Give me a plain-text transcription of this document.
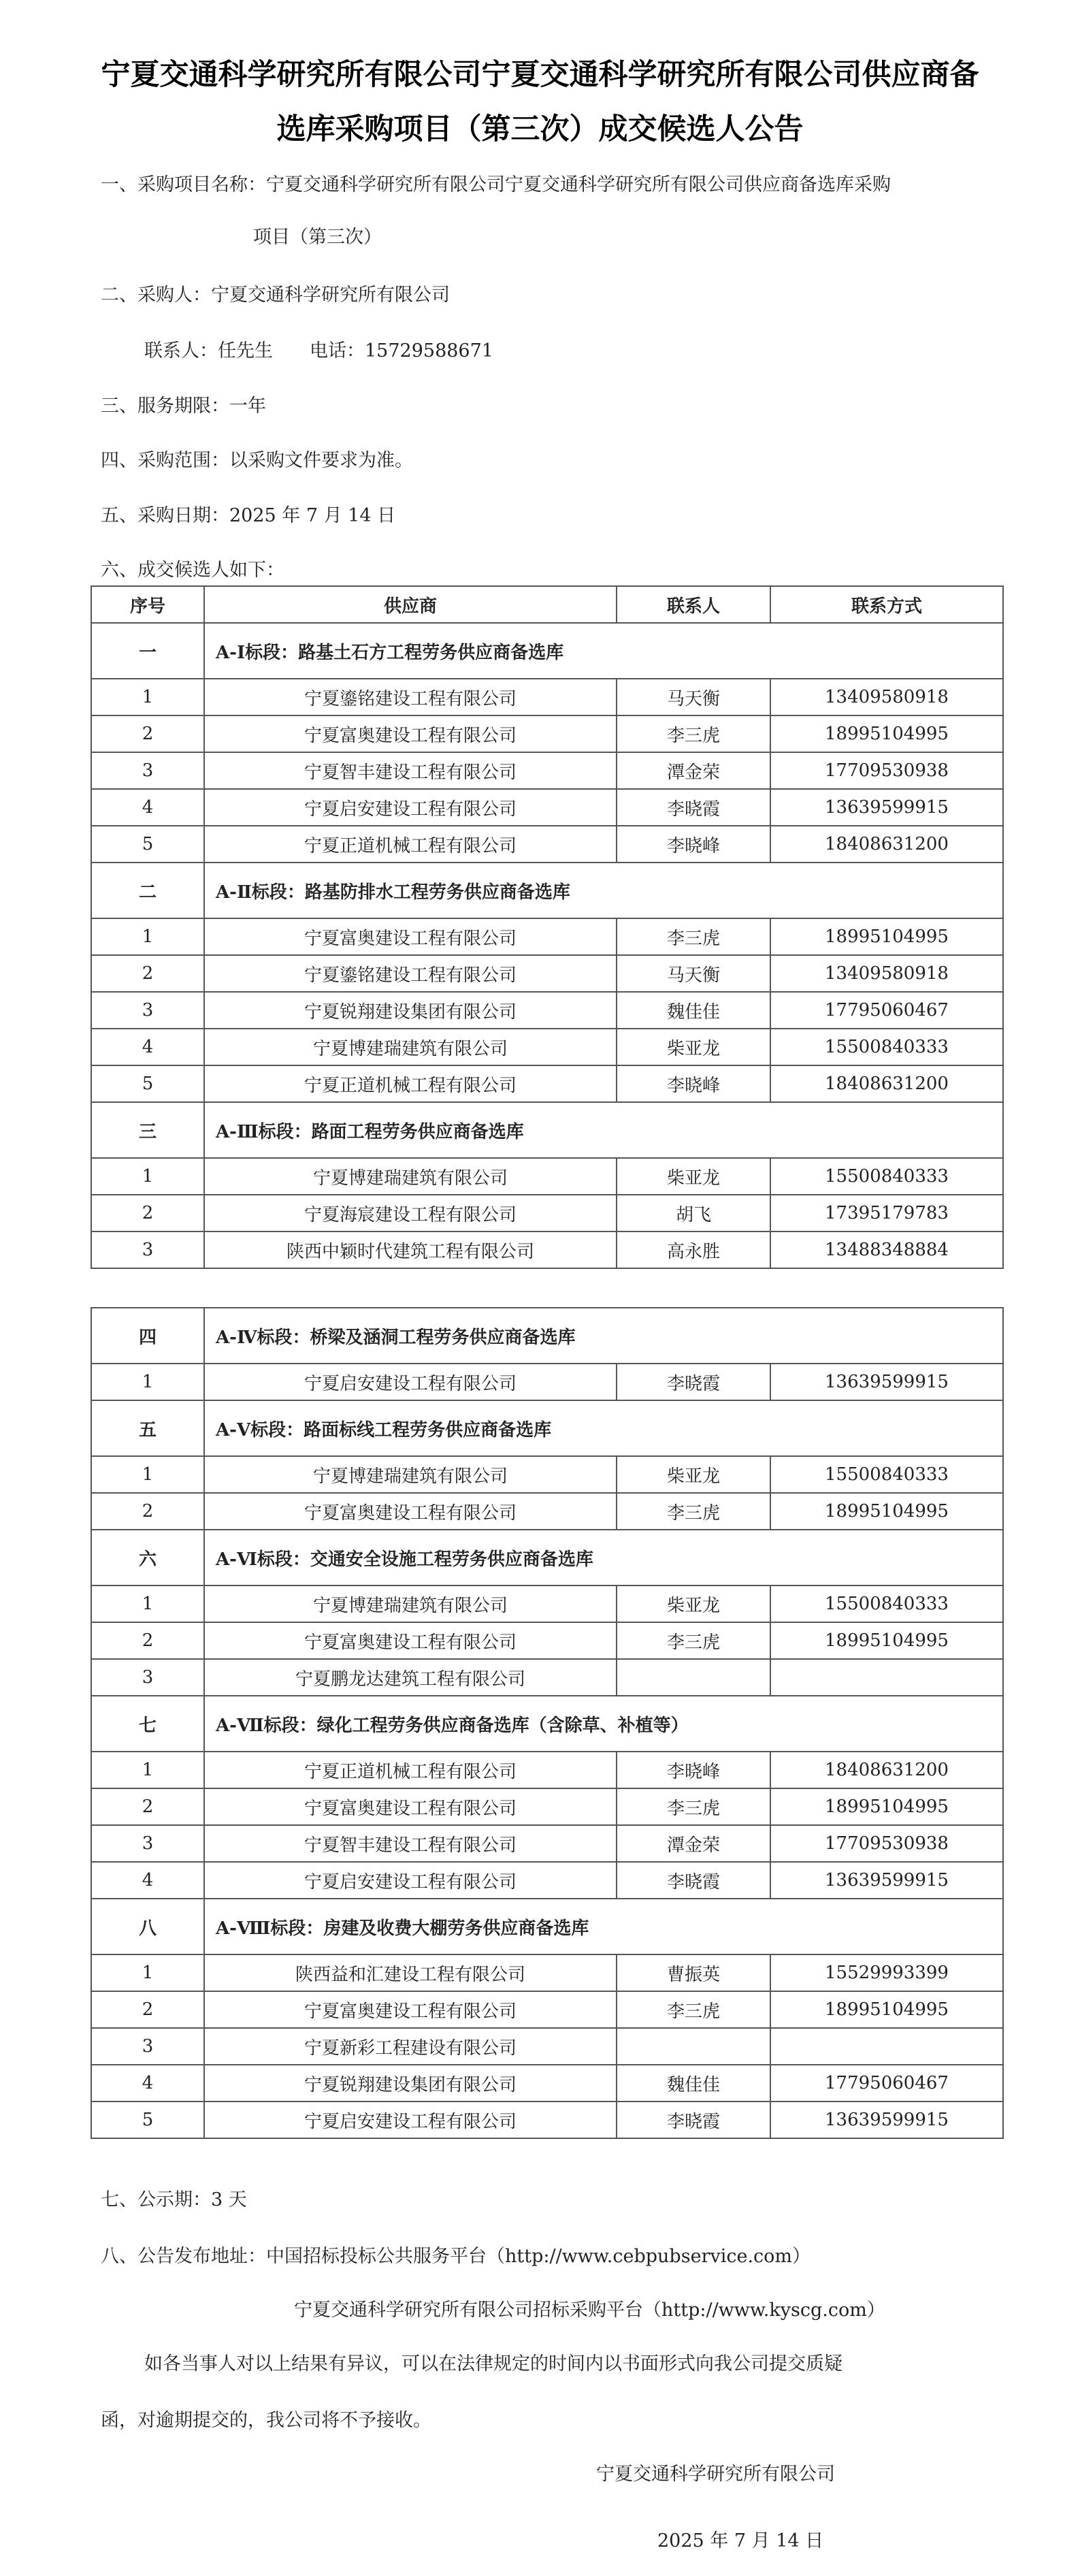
宁夏交通科学研究所有限公司宁夏交通科学研究所有限公司供应商备
选库采购项目（第三次）成交候选人公告
一、采购项目名称：宁夏交通科学研究所有限公司宁夏交通科学研究所有限公司供应商备选库采购
项目（第三次）
二、采购人：宁夏交通科学研究所有限公司
联系人：任先生　　电话：15729588671
三、服务期限：一年
四、采购范围：以采购文件要求为准。
五、采购日期：2025 年 7 月 14 日
六、成交候选人如下：
序号	供应商	联系人	联系方式
一	A-Ⅰ标段：路基土石方工程劳务供应商备选库		
1	宁夏鎏铭建设工程有限公司	马天衡	13409580918
2	宁夏富奥建设工程有限公司	李三虎	18995104995
3	宁夏智丰建设工程有限公司	潭金荣	17709530938
4	宁夏启安建设工程有限公司	李晓霞	13639599915
5	宁夏正道机械工程有限公司	李晓峰	18408631200
二	A-Ⅱ标段：路基防排水工程劳务供应商备选库		
1	宁夏富奥建设工程有限公司	李三虎	18995104995
2	宁夏鎏铭建设工程有限公司	马天衡	13409580918
3	宁夏锐翔建设集团有限公司	魏佳佳	17795060467
4	宁夏博建瑞建筑有限公司	柴亚龙	15500840333
5	宁夏正道机械工程有限公司	李晓峰	18408631200
三	A-Ⅲ标段：路面工程劳务供应商备选库		
1	宁夏博建瑞建筑有限公司	柴亚龙	15500840333
2	宁夏海宸建设工程有限公司	胡飞	17395179783
3	陕西中颖时代建筑工程有限公司	高永胜	13488348884
四	A-Ⅳ标段：桥梁及涵洞工程劳务供应商备选库		
1	宁夏启安建设工程有限公司	李晓霞	13639599915
五	A-Ⅴ标段：路面标线工程劳务供应商备选库		
1	宁夏博建瑞建筑有限公司	柴亚龙	15500840333
2	宁夏富奥建设工程有限公司	李三虎	18995104995
六	A-Ⅵ标段：交通安全设施工程劳务供应商备选库		
1	宁夏博建瑞建筑有限公司	柴亚龙	15500840333
2	宁夏富奥建设工程有限公司	李三虎	18995104995
3	宁夏鹏龙达建筑工程有限公司		
七	A-Ⅶ标段：绿化工程劳务供应商备选库（含除草、补植等）		
1	宁夏正道机械工程有限公司	李晓峰	18408631200
2	宁夏富奥建设工程有限公司	李三虎	18995104995
3	宁夏智丰建设工程有限公司	潭金荣	17709530938
4	宁夏启安建设工程有限公司	李晓霞	13639599915
八	A-Ⅷ标段：房建及收费大棚劳务供应商备选库		
1	陕西益和汇建设工程有限公司	曹振英	15529993399
2	宁夏富奥建设工程有限公司	李三虎	18995104995
3	宁夏新彩工程建设有限公司		
4	宁夏锐翔建设集团有限公司	魏佳佳	17795060467
5	宁夏启安建设工程有限公司	李晓霞	13639599915
七、公示期：3 天
八、公告发布地址：中国招标投标公共服务平台（http://www.cebpubservice.com）
宁夏交通科学研究所有限公司招标采购平台（http://www.kyscg.com）
如各当事人对以上结果有异议，可以在法律规定的时间内以书面形式向我公司提交质疑
函，对逾期提交的，我公司将不予接收。
宁夏交通科学研究所有限公司
2025 年 7 月 14 日
